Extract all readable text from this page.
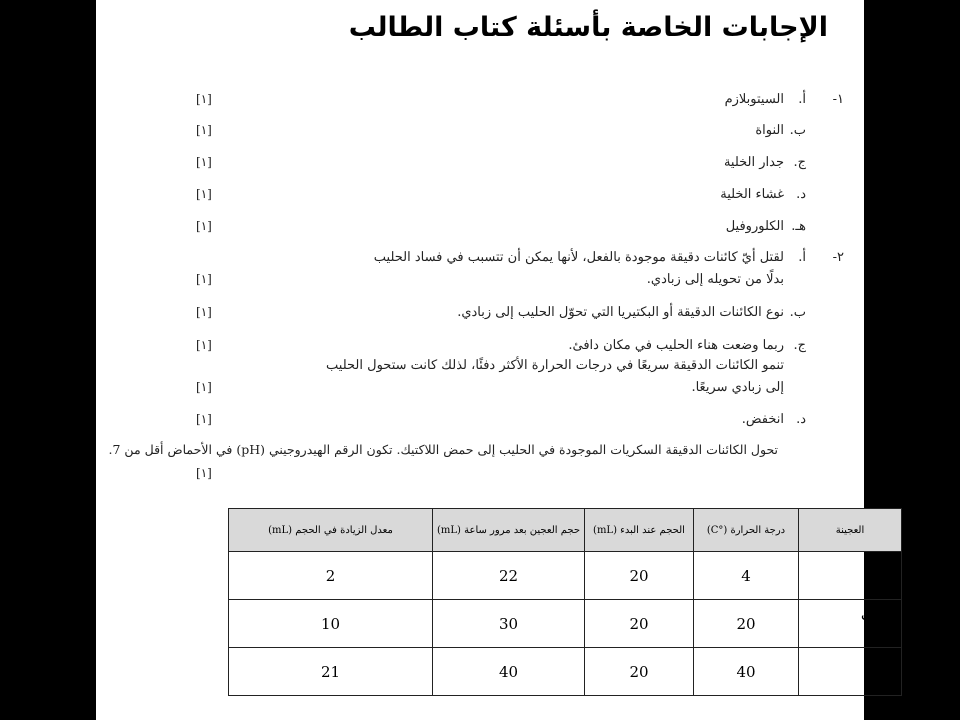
الإجابات الخاصة بأسئلة كتاب الطالب
١-
أ.
السيتوبلازم
[١]
ب.
النواة
[١]
ج.
جدار الخلية
[١]
د.
غشاء الخلية
[١]
هـ.
الكلوروفيل
[١]
٢-
أ.
لقتل أيّ كائنات دقيقة موجودة بالفعل، لأنها يمكن أن تتسبب في فساد الحليب
بدلًا من تحويله إلى زبادي.
[١]
ب.
نوع الكائنات الدقيقة أو البكتيريا التي تحوّل الحليب إلى زبادي.
[١]
ج.
ربما وضعت هناء الحليب في مكان دافئ.
[١]
تنمو الكائنات الدقيقة سريعًا في درجات الحرارة الأكثر دفئًا، لذلك كانت ستحول الحليب
إلى زبادي سريعًا.
[١]
د.
انخفض.
[١]
تحول الكائنات الدقيقة السكريات الموجودة في الحليب إلى حمض اللاكتيك. تكون الرقم الهيدروجيني (pH) في الأحماض أقل من 7.
[١]
العجينة	درجة الحرارة (°C)	الحجم عند البدء (mL)	حجم العجين بعد مرور ساعة (mL)	معدل الزيادة في الحجم (mL)
أ	4	20	22	2
ب	20	20	30	10
ج	40	20	40	21
